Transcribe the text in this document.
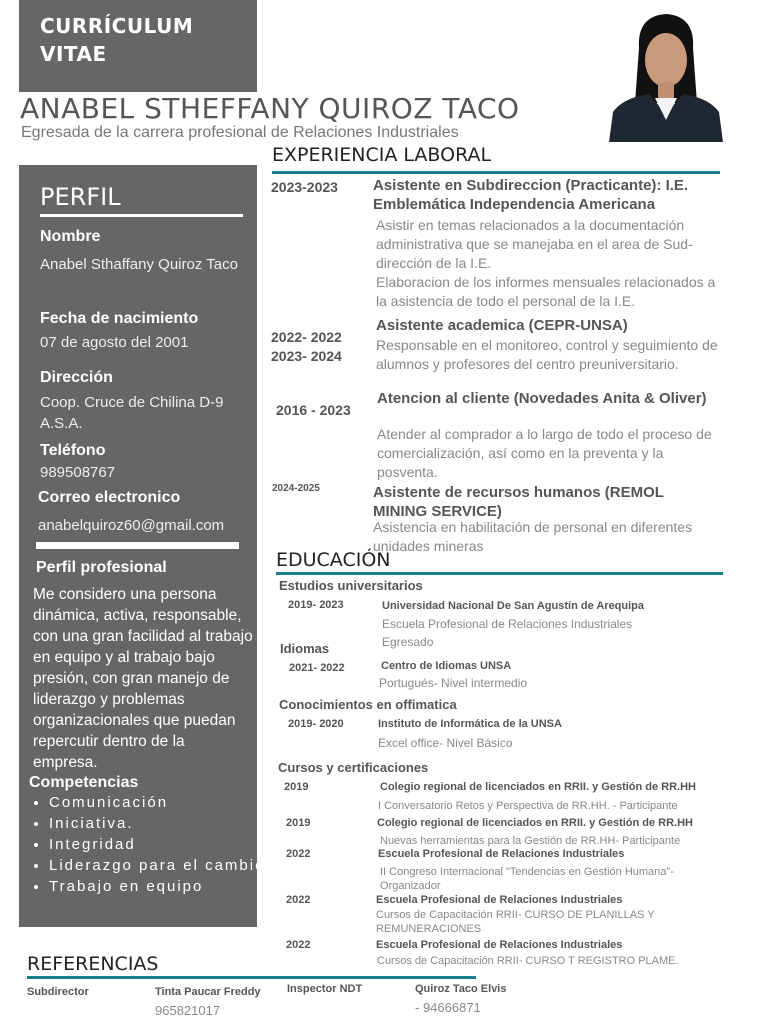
CURRÍCULUM VITAE
ANABEL STHEFFANY QUIROZ TACO
Egresada de la carrera profesional de Relaciones Industriales
PERFIL
Nombre
Anabel Sthaffany Quiroz Taco
Fecha de nacimiento
07 de agosto del 2001
Dirección
Coop. Cruce de Chilina D-9 A.S.A.
Teléfono
989508767
Correo electronico
anabelquiroz60@gmail.com
Perfil profesional
Me considero una persona dinámica, activa, responsable, con una gran facilidad al trabajo en equipo y al trabajo bajo presión, con gran manejo de liderazgo y problemas organizacionales que puedan repercutir dentro de la empresa.
Competencias
• Comunicación
• Iniciativa.
• Integridad
• Liderazgo para el cambio
• Trabajo en equipo
EXPERIENCIA LABORAL
2023-2023 Asistente en Subdireccion (Practicante): I.E. Emblemática Independencia Americana
Asistir en temas relacionados a la documentación administrativa que se manejaba en el area de Sud-dirección de la I.E.
Elaboracion de los informes mensuales relacionados a la asistencia de todo el personal de la I.E.
2022- 2022
2023- 2024
Asistente academica (CEPR-UNSA)
Responsable en el monitoreo, control y seguimiento de alumnos y profesores del centro preuniversitario.
2016 - 2023
Atencion al cliente (Novedades Anita & Oliver)
Atender al comprador a lo largo de todo el proceso de comercialización, así como en la preventa y la posventa.
2024-2025	Asistente de recursos humanos (REMOL MINING SERVICE)
Asistencia en habilitación de personal en diferentes unidades mineras
EDUCACIÓN
Estudios universitarios
2019- 2023	Universidad Nacional De San Agustín de Arequipa
Escuela Profesional de Relaciones Industriales
Egresado
Idiomas
2021- 2022	Centro de Idiomas UNSA
Portugués- Nivel intermedio
Conocimientos en offimatica
2019- 2020	Instituto de Informática de la UNSA
Excel office- Nivel Básico
Cursos y certificaciones
2019	Colegio regional de licenciados en RRII. y Gestión de RR.HH
I Conversatorio Retos y Perspectiva de RR.HH. - Participante
2019	Colegio regional de licenciados en RRII. y Gestión de RR.HH
Nuevas herramientas para la Gestión de RR.HH- Participante
2022	Escuela Profesional de Relaciones Industriales
II Congreso Internacional "Tendencias en Gestión Humana"- Organizador
2022	Escuela Profesional de Relaciones Industriales
Cursos de Capacitación RRII- CURSO DE PLANILLAS Y REMUNERACIONES
2022	Escuela Profesional de Relaciones Industriales
Cursos de Capacitación RRII- CURSO T REGISTRO PLAME.
REFERENCIAS
Subdirector	Tinta Paucar Freddy
965821017
Inspector NDT	Quiroz Taco Elvis
- 94666871
